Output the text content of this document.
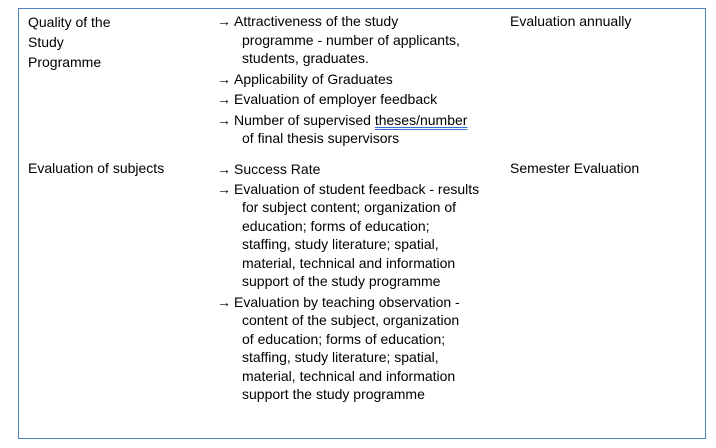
Quality of the
Study
Programme
→ Attractiveness of the study
programme - number of applicants,
students, graduates.
→ Applicability of Graduates
→ Evaluation of employer feedback
→ Number of supervised theses/number
of final thesis supervisors
Evaluation annually
Evaluation of subjects	→ Success Rate
→ Evaluation of student feedback - results
for subject content; organization of
education; forms of education;
staffing, study literature; spatial,
material, technical and information
support of the study programme
→ Evaluation by teaching observation -
content of the subject, organization
of education; forms of education;
staffing, study literature; spatial,
material, technical and information
support the study programme
Semester Evaluation
